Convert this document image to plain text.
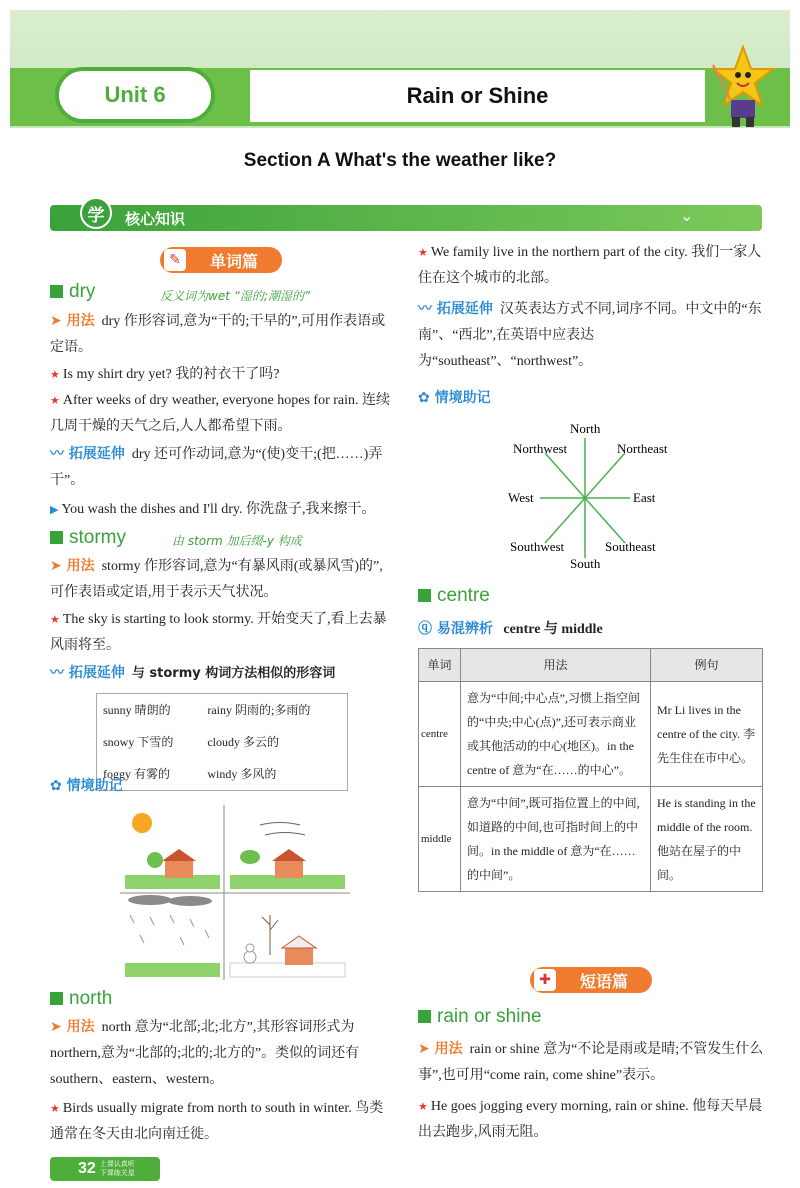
Unit 6	Rain or Shine
Section A What's the weather like?
学	核心知识	⌄
✎	单词篇
dry	反义词为wet “湿的;潮湿的”
➤ 用法 dry 作形容词,意为“干的;干早的”,可用作表语或定语。
★ Is my shirt dry yet? 我的衬衣干了吗?
★ After weeks of dry weather, everyone hopes for rain. 连续几周干燥的天气之后,人人都希望下雨。
〰 拓展延伸 dry 还可作动词,意为“(使)变干;(把……)弄干”。
▶ You wash the dishes and I'll dry. 你洗盘子,我来擦干。
stormy	由 storm 加后缀-y 构成
➤ 用法 stormy 作形容词,意为“有暴风雨(或暴风雪)的”,可作表语或定语,用于表示天气状况。
★ The sky is starting to look stormy. 开始变天了,看上去暴风雨将至。
〰 拓展延伸 与 stormy 构词方法相似的形容词
sunny 晴朗的	rainy 阴雨的;多雨的
snowy 下雪的	cloudy 多云的
foggy 有雾的	windy 多风的
✿ 情境助记
north
➤ 用法 north 意为“北部;北;北方”,其形容词形式为 northern,意为“北部的;北的;北方的”。类似的词还有 southern、eastern、western。
★ Birds usually migrate from north to south in winter. 鸟类通常在冬天由北向南迁徙。
32 上课认真听 下课练关星
★ We family live in the northern part of the city. 我们一家人住在这个城市的北部。
〰 拓展延伸 汉英表达方式不同,词序不同。中文中的“东南”、“西北”,在英语中应表达为“southeast”、“northwest”。
✿ 情境助记
North
Northeast
East
Southeast
South
Southwest
West
Northwest
centre
ⓠ 易混辨析 centre 与 middle
单词	用法	例句
centre	意为“中间;中心点”,习惯上指空间的“中央;中心(点)”,还可表示商业或其他活动的中心(地区)。in the centre of 意为“在……的中心”。	Mr Li lives in the centre of the city. 李先生住在市中心。
middle	意为“中间”,既可指位置上的中间,如道路的中间,也可指时间上的中间。in the middle of 意为“在……的中间”。	He is standing in the middle of the room. 他站在屋子的中间。
✚	短语篇
rain or shine
➤ 用法 rain or shine 意为“不论是雨或是晴;不管发生什么事”,也可用“come rain, come shine”表示。
★ He goes jogging every morning, rain or shine. 他每天早晨出去跑步,风雨无阻。
